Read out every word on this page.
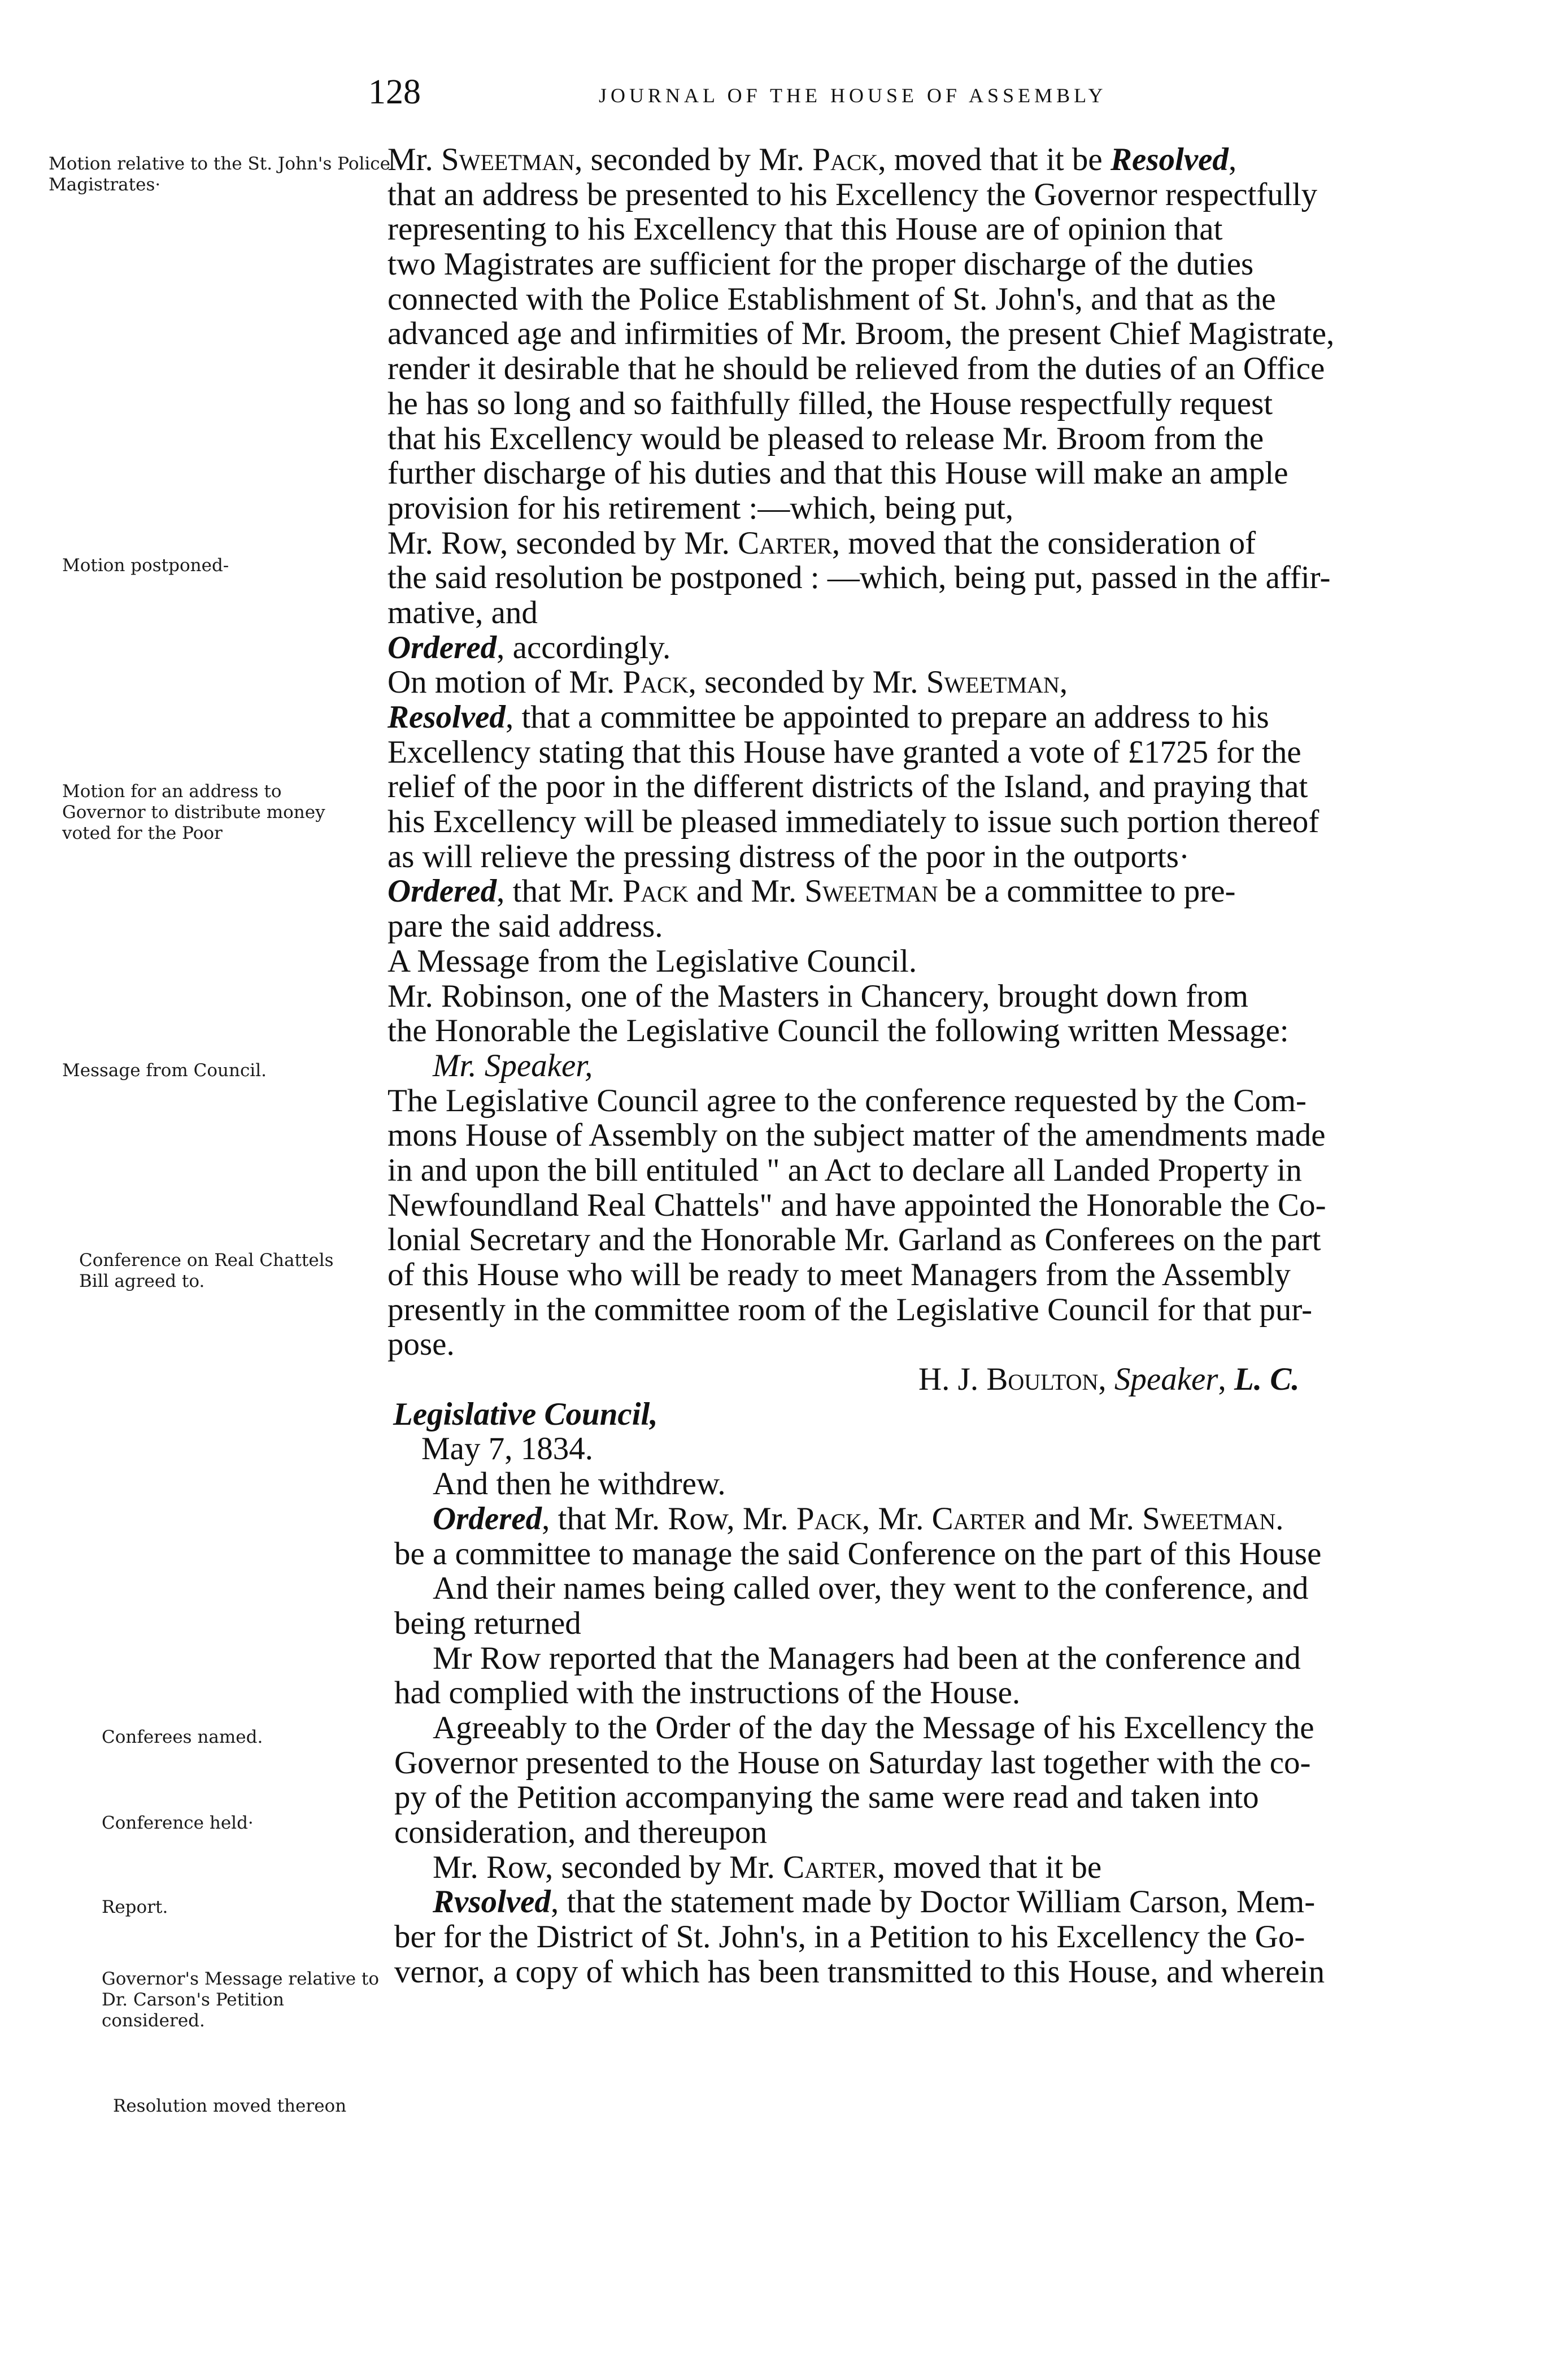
128	JOURNAL OF THE HOUSE OF ASSEMBLY
Motion relative to the St. John's Police Magistrates·
Motion postponed-
Motion for an address to Governor to distribute money voted for the Poor
Message from Council.
Conference on Real Chattels Bill agreed to.
Conferees named.
Conference held·
Report.
Governor's Message relative to Dr. Carson's Petition considered.
Resolution moved thereon
Mr. Sweetman, seconded by Mr. Pack, moved that it be Resolved,
that an address be presented to his Excellency the Governor respectfully
representing to his Excellency that this House are of opinion that
two Magistrates are sufficient for the proper discharge of the duties
connected with the Police Establishment of St. John's, and that as the
advanced age and infirmities of Mr. Broom, the present Chief Magistrate,
render it desirable that he should be relieved from the duties of an Office
he has so long and so faithfully filled, the House respectfully request
that his Excellency would be pleased to release Mr. Broom from the
further discharge of his duties and that this House will make an ample
provision for his retirement :—which, being put,
Mr. Row, seconded by Mr. Carter, moved that the consideration of
the said resolution be postponed : —which, being put, passed in the affir-
mative, and
Ordered, accordingly.
On motion of Mr. Pack, seconded by Mr. Sweetman,
Resolved, that a committee be appointed to prepare an address to his
Excellency stating that this House have granted a vote of £1725 for the
relief of the poor in the different districts of the Island, and praying that
his Excellency will be pleased immediately to issue such portion thereof
as will relieve the pressing distress of the poor in the outports·
Ordered, that Mr. Pack and Mr. Sweetman be a committee to pre-
pare the said address.
A Message from the Legislative Council.
Mr. Robinson, one of the Masters in Chancery, brought down from
the Honorable the Legislative Council the following written Message:
Mr. Speaker,
The Legislative Council agree to the conference requested by the Com-
mons House of Assembly on the subject matter of the amendments made
in and upon the bill entituled " an Act to declare all Landed Property in
Newfoundland Real Chattels" and have appointed the Honorable the Co-
lonial Secretary and the Honorable Mr. Garland as Conferees on the part
of this House who will be ready to meet Managers from the Assembly
presently in the committee room of the Legislative Council for that pur-
pose.
H. J. Boulton, Speaker, L. C.
Legislative Council,
May 7, 1834.
And then he withdrew.
Ordered, that Mr. Row, Mr. Pack, Mr. Carter and Mr. Sweetman.
be a committee to manage the said Conference on the part of this House
And their names being called over, they went to the conference, and
being returned
Mr Row reported that the Managers had been at the conference and
had complied with the instructions of the House.
Agreeably to the Order of the day the Message of his Excellency the
Governor presented to the House on Saturday last together with the co-
py of the Petition accompanying the same were read and taken into
consideration, and thereupon
Mr. Row, seconded by Mr. Carter, moved that it be
Rvsolved, that the statement made by Doctor William Carson, Mem-
ber for the District of St. John's, in a Petition to his Excellency the Go-
vernor, a copy of which has been transmitted to this House, and wherein
